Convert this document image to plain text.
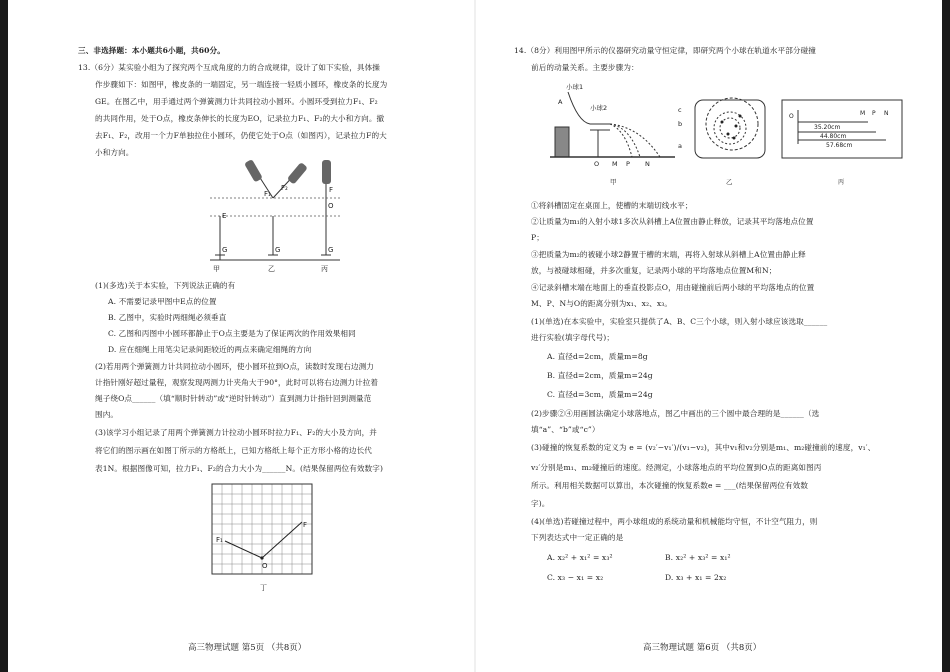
三、非选择题：本小题共6小题，共60分。
13.（6分）某实验小组为了探究两个互成角度的力的合成规律，设计了如下实验，具体操
作步骤如下：如图甲，橡皮条的一端固定，另一端连接一轻质小圆环，橡皮条的长度为
GE。在图乙中，用手通过两个弹簧测力计共同拉动小圆环。小圆环受到拉力F₁、F₂
的共同作用，处于O点，橡皮条伸长的长度为EO，记录拉力F₁、F₂的大小和方向。撤
去F₁、F₂，改用一个力F单独拉住小圆环，仍使它处于O点（如图丙），记录拉力F的大
小和方向。
E
F₁
F₂	F
O
G	G	G
甲	乙	丙
(1)(多选)关于本实验，下列说法正确的有
A. 不需要记录甲图中E点的位置
B. 乙图中，实验时两细绳必须垂直
C. 乙图和丙图中小圆环都静止于O点主要是为了保证两次的作用效果相同
D. 应在细绳上用笔尖记录间距较近的两点来确定细绳的方向
(2)若用两个弹簧测力计共同拉动小圆环，使小圆环拉到O点，读数时发现右边测力
计指针刚好超过量程，观察发现两测力计夹角大于90°，此时可以将右边测力计拉着
绳子绕O点______（填“顺时针转动”或“逆时针转动”）直到测力计指针回到测量范
围内。
(3)该学习小组记录了用两个弹簧测力计拉动小圆环时拉力F₁、F₂的大小及方向，并
将它们的图示画在如图丁所示的方格纸上，已知方格纸上每个正方形小格的边长代
表1N。根据图像可知，拉力F₁、F₂的合力大小为______N。(结果保留两位有效数字)
F₁
F
O
丁
高三物理试题 第5页 （共8页）
14.（8分）利用图甲所示的仪器研究动量守恒定律，即研究两个小球在轨道水平部分碰撞
前后的动量关系。主要步骤为：
小球1
小球2
A
O M P N
甲
c
b
a
乙
O	M P N
35.20cm
44.80cm
57.68cm
丙
①将斜槽固定在桌面上，使槽的末端切线水平；
②让质量为m₁的入射小球1多次从斜槽上A位置由静止释放，记录其平均落地点位置
P；
③把质量为m₂的被碰小球2静置于槽的末端，再将入射球从斜槽上A位置由静止释
放，与被碰球相碰，并多次重复，记录两小球的平均落地点位置M和N；
④记录斜槽末端在地面上的垂直投影点O，用由碰撞前后两小球的平均落地点的位置
M、P、N与O的距离分别为x₁、x₂、x₃。
(1)(单选)在本实验中，实验室只提供了A、B、C三个小球，则入射小球应该选取______
进行实验(填字母代号)；
A. 直径d=2cm，质量m=8g
B. 直径d=2cm，质量m=24g
C. 直径d=3cm，质量m=24g
(2)步骤②④用画圆法确定小球落地点，图乙中画出的三个圆中最合理的是______（选
填“a”、“b”或“c”）
(3)碰撞的恢复系数的定义为 e = (v₂′−v₁′)/(v₁−v₂)，其中v₁和v₂分别是m₁、m₂碰撞前的速度，v₁′、
v₂′分别是m₁、m₂碰撞后的速度。经测定，小球落地点的平均位置到O点的距离如图丙
所示。利用相关数据可以算出，本次碰撞的恢复系数e = ___(结果保留两位有效数
字)。
(4)(单选)若碰撞过程中，两小球组成的系统动量和机械能均守恒，不计空气阻力，则
下列表达式中一定正确的是
A. x₂² + x₁² = x₃²	B. x₂² + x₃² = x₁²
C. x₃ − x₁ = x₂	D. x₃ + x₁ = 2x₂
高三物理试题 第6页 （共8页）
